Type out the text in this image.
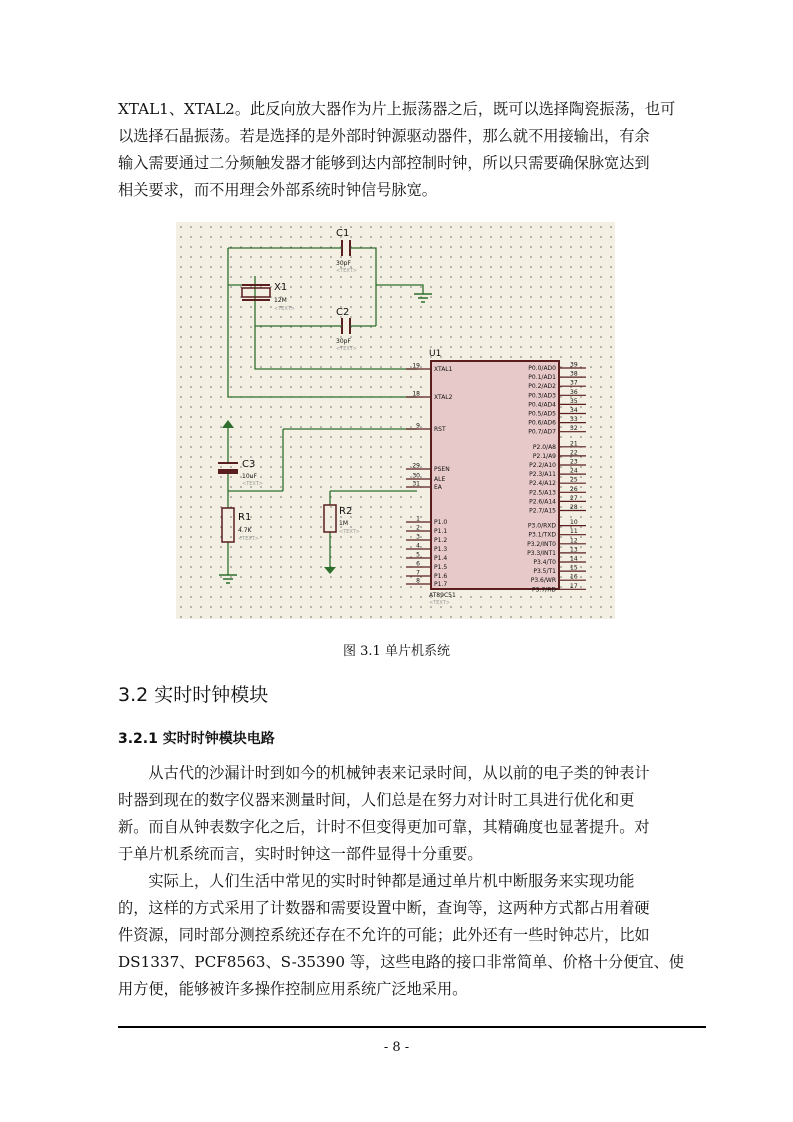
XTAL1、XTAL2。此反向放大器作为片上振荡器之后，既可以选择陶瓷振荡，也可
以选择石晶振荡。若是选择的是外部时钟源驱动器件，那么就不用接输出，有余
输入需要通过二分频触发器才能够到达内部控制时钟，所以只需要确保脉宽达到
相关要求，而不用理会外部系统时钟信号脉宽。
C1
30pF
<TEXT>
X1
12M
<TEXT>	C2
30pF
<TEXT>
C3
10uF
<TEXT>
R1
4.7K
<TEXT>
R2
1M
<TEXT>
U1
AT89C51
<TEXT>
19 XTAL1
18 XTAL2
9 RST
29 PSEN
30 ALE
31 EA
1 P1.0
2 P1.1
3 P1.2
4 P1.3
5 P1.4
6 P1.5
7 P1.6
8 P1.7
39
P0.0/AD0
38
P0.1/AD1
37
P0.2/AD2
36
P0.3/AD3
35
P0.4/AD4
34
P0.5/AD5
33
P0.6/AD6
32
P0.7/AD7
21
P2.0/A8
22
P2.1/A9
23
P2.2/A10
24
P2.3/A11
25
P2.4/A12
26
P2.5/A13
27
P2.6/A14
28
P2.7/A15
10
P3.0/RXD
11
P3.1/TXD
12
P3.2/INT0
13
P3.3/INT1
14
P3.4/T0
15
P3.5/T1
16
P3.6/WR
17
P3.7/RD
图 3.1 单片机系统
3.2 实时时钟模块
3.2.1 实时时钟模块电路
　　从古代的沙漏计时到如今的机械钟表来记录时间，从以前的电子类的钟表计
时器到现在的数字仪器来测量时间，人们总是在努力对计时工具进行优化和更
新。而自从钟表数字化之后，计时不但变得更加可靠，其精确度也显著提升。对
于单片机系统而言，实时时钟这一部件显得十分重要。
　　实际上，人们生活中常见的实时时钟都是通过单片机中断服务来实现功能
的，这样的方式采用了计数器和需要设置中断，查询等，这两种方式都占用着硬
件资源，同时部分测控系统还存在不允许的可能；此外还有一些时钟芯片，比如
DS1337、PCF8563、S-35390 等，这些电路的接口非常简单、价格十分便宜、使
用方便，能够被许多操作控制应用系统广泛地采用。
- 8 -
